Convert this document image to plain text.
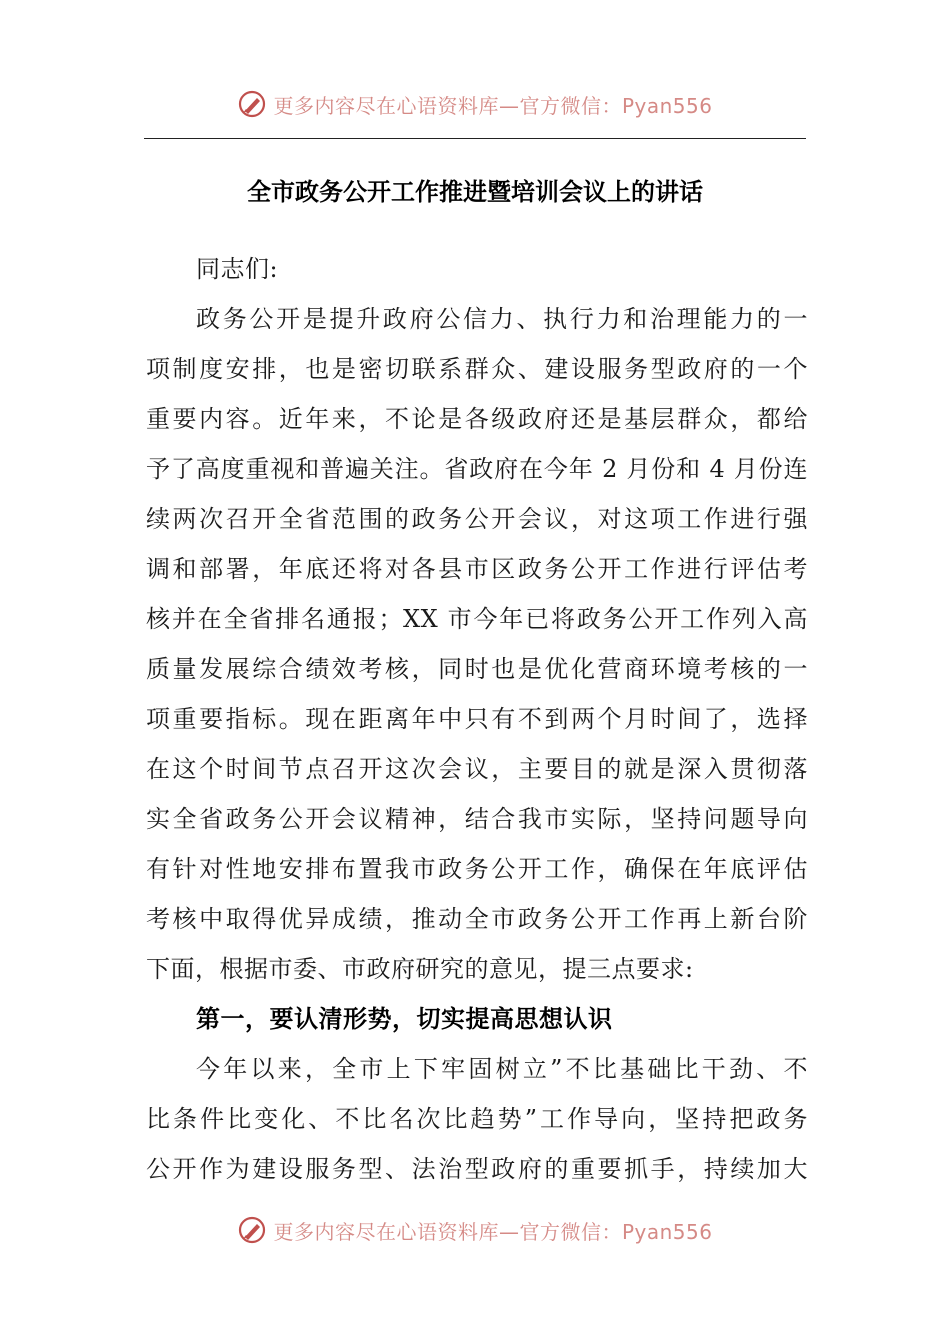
更多内容尽在心语资料库—官方微信：Pyan556
全市政务公开工作推进暨培训会议上的讲话
同志们:
政务公开是提升政府公信力、执行力和治理能力的一
项制度安排，也是密切联系群众、建设服务型政府的一个
重要内容。近年来，不论是各级政府还是基层群众，都给
予了高度重视和普遍关注。省政府在今年 2 月份和 4 月份连
续两次召开全省范围的政务公开会议，对这项工作进行强
调和部署，年底还将对各县市区政务公开工作进行评估考
核并在全省排名通报；XX 市今年已将政务公开工作列入高
质量发展综合绩效考核，同时也是优化营商环境考核的一
项重要指标。现在距离年中只有不到两个月时间了，选择
在这个时间节点召开这次会议，主要目的就是深入贯彻落
实全省政务公开会议精神，结合我市实际，坚持问题导向
有针对性地安排布置我市政务公开工作，确保在年底评估
考核中取得优异成绩，推动全市政务公开工作再上新台阶
下面，根据市委、市政府研究的意见，提三点要求:
第一，要认清形势，切实提高思想认识
今年以来，全市上下牢固树立”不比基础比干劲、不
比条件比变化、不比名次比趋势”工作导向，坚持把政务
公开作为建设服务型、法治型政府的重要抓手，持续加大
更多内容尽在心语资料库—官方微信：Pyan556
